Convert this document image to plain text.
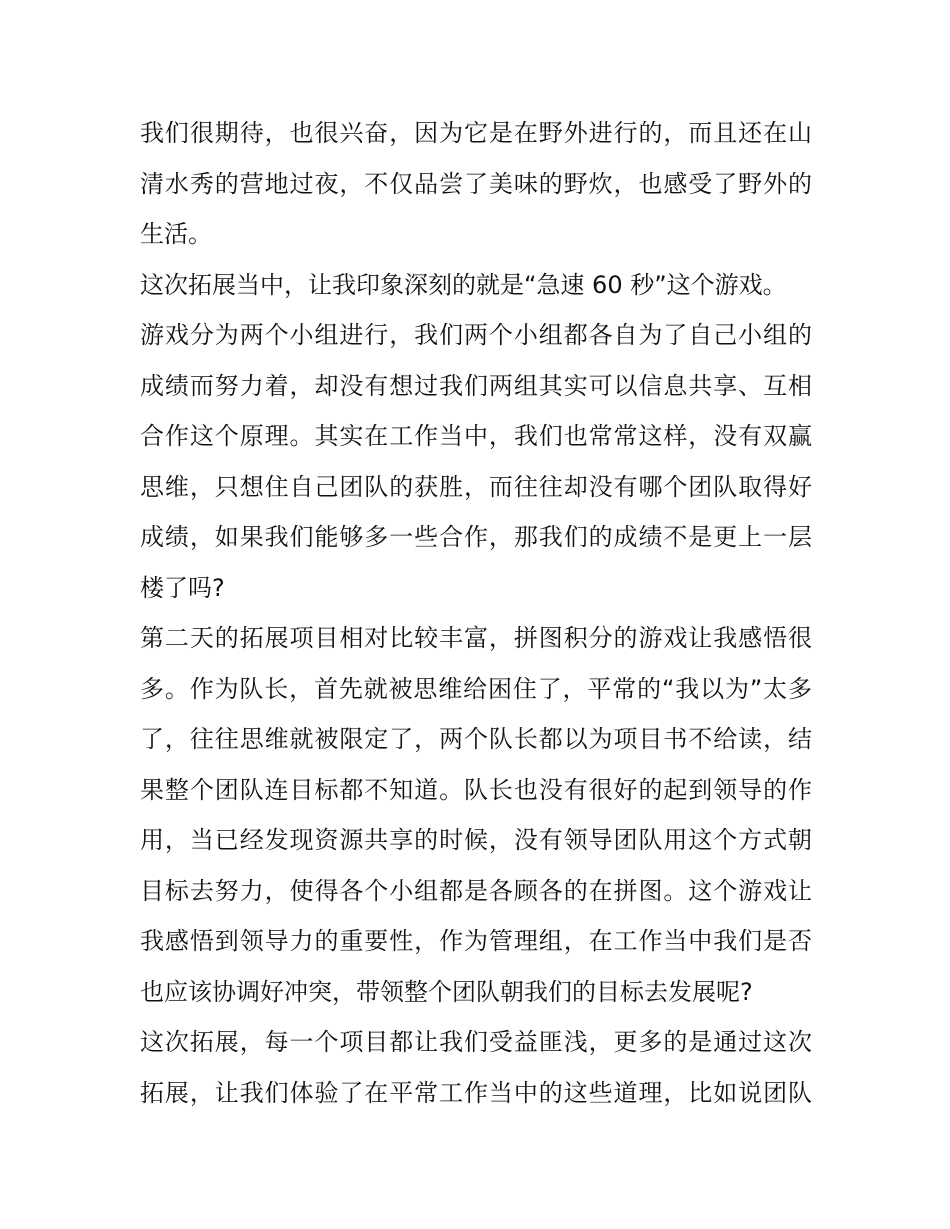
我们很期待，也很兴奋，因为它是在野外进行的，而且还在山
清水秀的营地过夜，不仅品尝了美味的野炊，也感受了野外的
生活。
这次拓展当中，让我印象深刻的就是“急速 60 秒”这个游戏。
游戏分为两个小组进行，我们两个小组都各自为了自己小组的
成绩而努力着，却没有想过我们两组其实可以信息共享、互相
合作这个原理。其实在工作当中，我们也常常这样，没有双赢
思维，只想住自己团队的获胜，而往往却没有哪个团队取得好
成绩，如果我们能够多一些合作，那我们的成绩不是更上一层
楼了吗?
第二天的拓展项目相对比较丰富，拼图积分的游戏让我感悟很
多。作为队长，首先就被思维给困住了，平常的“我以为”太多
了，往往思维就被限定了，两个队长都以为项目书不给读，结
果整个团队连目标都不知道。队长也没有很好的起到领导的作
用，当已经发现资源共享的时候，没有领导团队用这个方式朝
目标去努力，使得各个小组都是各顾各的在拼图。这个游戏让
我感悟到领导力的重要性，作为管理组，在工作当中我们是否
也应该协调好冲突，带领整个团队朝我们的目标去发展呢?
这次拓展，每一个项目都让我们受益匪浅，更多的是通过这次
拓展，让我们体验了在平常工作当中的这些道理，比如说团队
